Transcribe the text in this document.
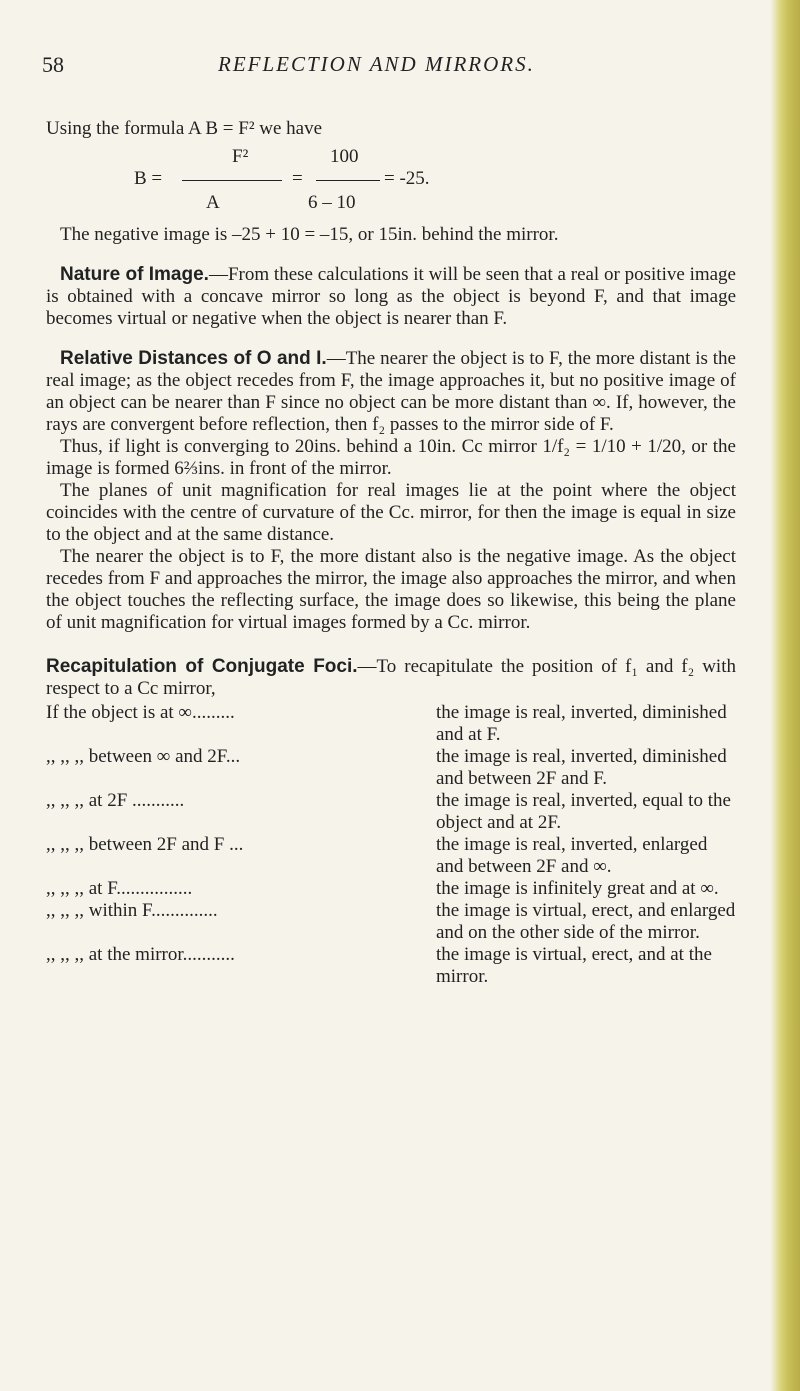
58	REFLECTION AND MIRRORS.

Using the formula A B = F² we have

F²	100
B =	=	= -25.
A	6 – 10

The negative image is –25 + 10 = –15, or 15in. behind the mirror.

Nature of Image.—From these calculations it will be seen that a real or positive image is obtained with a concave mirror so long as the object is beyond F, and that image becomes virtual or negative when the object is nearer than F.

Relative Distances of O and I.—The nearer the object is to F, the more distant is the real image; as the object recedes from F, the image approaches it, but no positive image of an object can be nearer than F since no object can be more distant than ∞. If, however, the rays are convergent before reflection, then f₂ passes to the mirror side of F.

Thus, if light is converging to 20ins. behind a 10in. Cc mirror 1/f₂ = 1/10 + 1/20, or the image is formed 6⅔ins. in front of the mirror.

The planes of unit magnification for real images lie at the point where the object coincides with the centre of curvature of the Cc. mirror, for then the image is equal in size to the object and at the same distance.

The nearer the object is to F, the more distant also is the negative image. As the object recedes from F and approaches the mirror, the image also approaches the mirror, and when the object touches the reflecting surface, the image does so likewise, this being the plane of unit magnification for virtual images formed by a Cc. mirror.

Recapitulation of Conjugate Foci.—To recapitulate the position of f₁ and f₂ with respect to a Cc mirror,

If the object is at ∞.........	the image is real, inverted, diminished and at F.
,, ,, ,, between ∞ and 2F...	the image is real, inverted, diminished and between 2F and F.
,, ,, ,, at 2F ...........	the image is real, inverted, equal to the object and at 2F.
,, ,, ,, between 2F and F ...	the image is real, inverted, enlarged and between 2F and ∞.
,, ,, ,, at F................	the image is infinitely great and at ∞.
,, ,, ,, within F..............	the image is virtual, erect, and enlarged and on the other side of the mirror.
,, ,, ,, at the mirror...........	the image is virtual, erect, and at the mirror.
